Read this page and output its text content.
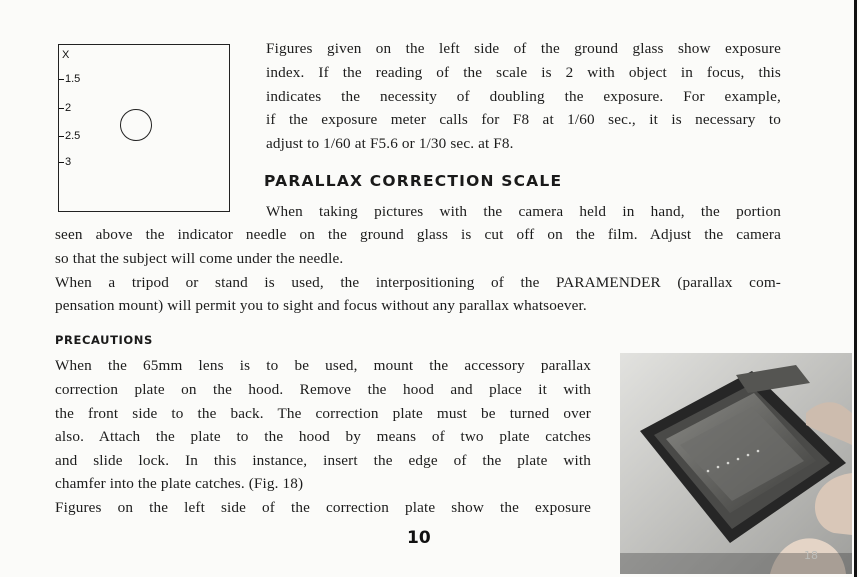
X
1.5
2
2.5
3
Figures given on the left side of the ground glass show exposure
index. If the reading of the scale is 2 with object in focus, this
indicates the necessity of doubling the exposure. For example,
if the exposure meter calls for F8 at 1/60 sec., it is necessary to
adjust to 1/60 at F5.6 or 1/30 sec. at F8.
PARALLAX CORRECTION SCALE
When taking pictures with the camera held in hand, the portion
seen above the indicator needle on the ground glass is cut off on the film. Adjust the camera
so that the subject will come under the needle.
When a tripod or stand is used, the interpositioning of the PARAMENDER (parallax com-
pensation mount) will permit you to sight and focus without any parallax whatsoever.
PRECAUTIONS
When the 65mm lens is to be used, mount the accessory parallax
correction plate on the hood. Remove the hood and place it with
the front side to the back. The correction plate must be turned over
also. Attach the plate to the hood by means of two plate catches
and slide lock. In this instance, insert the edge of the plate with
chamfer into the plate catches. (Fig. 18)
Figures on the left side of the correction plate show the exposure
18
10
